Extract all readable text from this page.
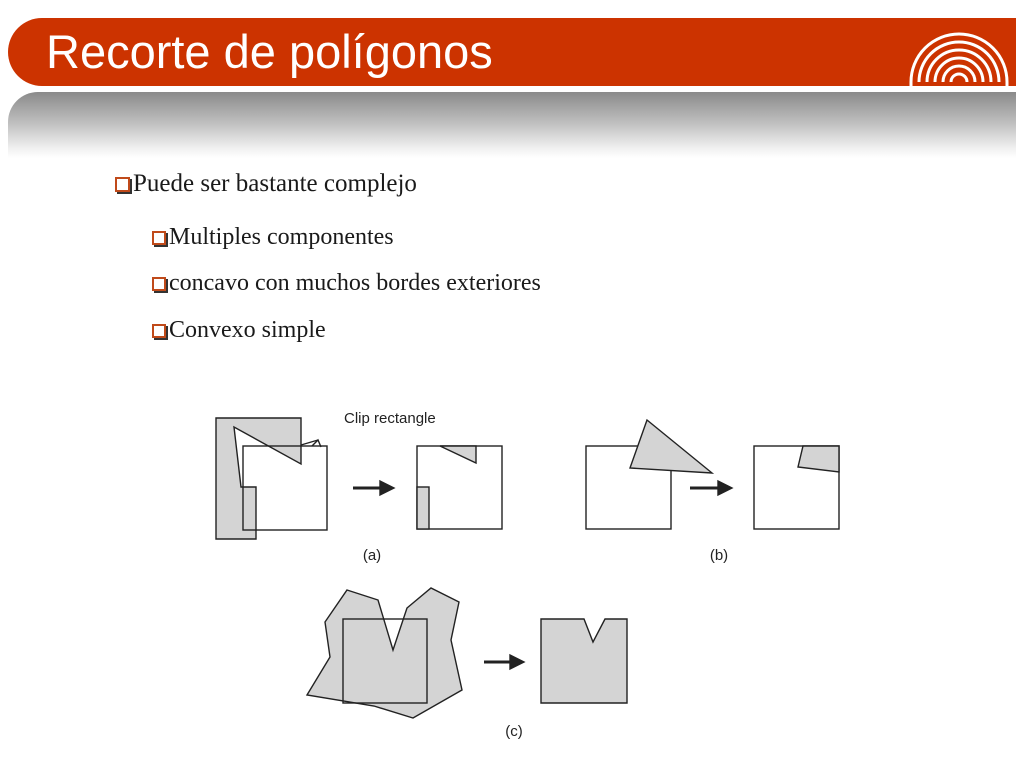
Recorte de polígonos
Puede ser bastante complejo
Multiples componentes
concavo con muchos bordes exteriores
Convexo simple
Clip rectangle
(a)	(b)
(c)
